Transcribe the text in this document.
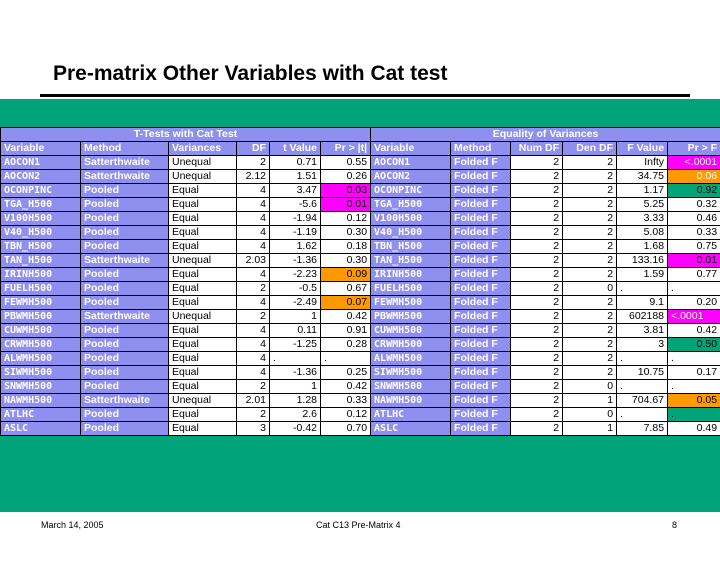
Pre-matrix Other Variables with Cat test
T-Tests with Cat Test						Equality of Variances					
Variable	Method	Variances	DF	t Value	Pr > |t|	Variable	Method	Num DF	Den DF	F Value	Pr > F
AOCON1	Satterthwaite	Unequal	2	0.71	0.55	AOCON1	Folded F	2	2	Infty	<.0001
AOCON2	Satterthwaite	Unequal	2.12	1.51	0.26	AOCON2	Folded F	2	2	34.75	0.06
OCONPINC	Pooled	Equal	4	3.47	0.03	OCONPINC	Folded F	2	2	1.17	0.92
TGA_H500	Pooled	Equal	4	-5.6	0.01	TGA_H500	Folded F	2	2	5.25	0.32
V100H500	Pooled	Equal	4	-1.94	0.12	V100H500	Folded F	2	2	3.33	0.46
V40_H500	Pooled	Equal	4	-1.19	0.30	V40_H500	Folded F	2	2	5.08	0.33
TBN_H500	Pooled	Equal	4	1.62	0.18	TBN_H500	Folded F	2	2	1.68	0.75
TAN_H500	Satterthwaite	Unequal	2.03	-1.36	0.30	TAN_H500	Folded F	2	2	133.16	0.01
IRINH500	Pooled	Equal	4	-2.23	0.09	IRINH500	Folded F	2	2	1.59	0.77
FUELH500	Pooled	Equal	2	-0.5	0.67	FUELH500	Folded F	2	0	.	.
FEWMH500	Pooled	Equal	4	-2.49	0.07	FEWMH500	Folded F	2	2	9.1	0.20
PBWMH500	Satterthwaite	Unequal	2	1	0.42	PBWMH500	Folded F	2	2	602188	<.0001
CUWMH500	Pooled	Equal	4	0.11	0.91	CUWMH500	Folded F	2	2	3.81	0.42
CRWMH500	Pooled	Equal	4	-1.25	0.28	CRWMH500	Folded F	2	2	3	0.50
ALWMH500	Pooled	Equal	4	.	.	ALWMH500	Folded F	2	2	.	.
SIWMH500	Pooled	Equal	4	-1.36	0.25	SIWMH500	Folded F	2	2	10.75	0.17
SNWMH500	Pooled	Equal	2	1	0.42	SNWMH500	Folded F	2	0	.	.
NAWMH500	Satterthwaite	Unequal	2.01	1.28	0.33	NAWMH500	Folded F	2	1	704.67	0.05
ATLHC	Pooled	Equal	2	2.6	0.12	ATLHC	Folded F	2	0	.	.
ASLC	Pooled	Equal	3	-0.42	0.70	ASLC	Folded F	2	1	7.85	0.49
March 14, 2005	Cat C13 Pre-Matrix 4	8
